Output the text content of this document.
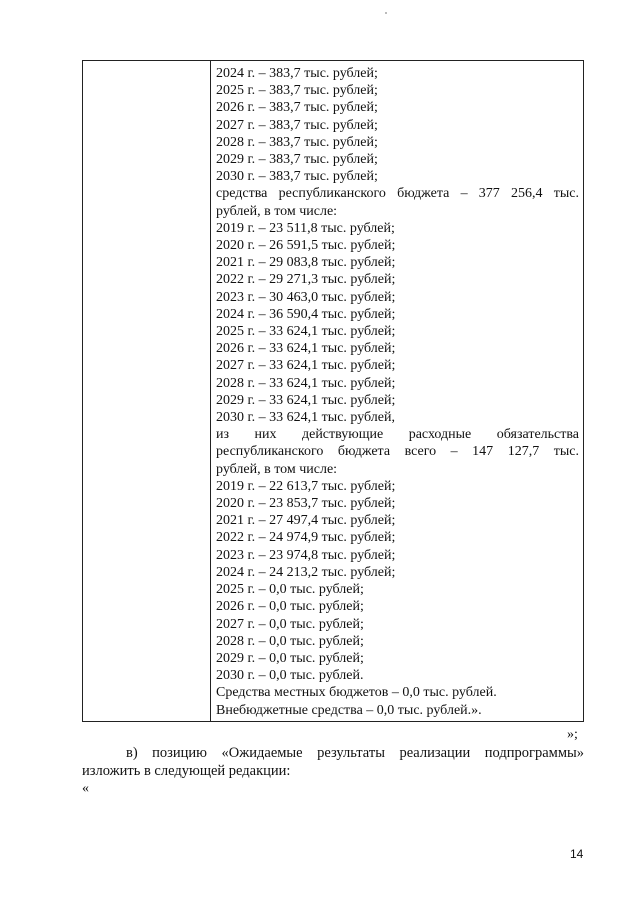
2024 г. – 383,7 тыс. рублей;
2025 г. – 383,7 тыс. рублей;
2026 г. – 383,7 тыс. рублей;
2027 г. – 383,7 тыс. рублей;
2028 г. – 383,7 тыс. рублей;
2029 г. – 383,7 тыс. рублей;
2030 г. – 383,7 тыс. рублей;
средства республиканского бюджета – 377 256,4 тыс.
рублей, в том числе:
2019 г. – 23 511,8 тыс. рублей;
2020 г. – 26 591,5 тыс. рублей;
2021 г. – 29 083,8 тыс. рублей;
2022 г. – 29 271,3 тыс. рублей;
2023 г. – 30 463,0 тыс. рублей;
2024 г. – 36 590,4 тыс. рублей;
2025 г. – 33 624,1 тыс. рублей;
2026 г. – 33 624,1 тыс. рублей;
2027 г. – 33 624,1 тыс. рублей;
2028 г. – 33 624,1 тыс. рублей;
2029 г. – 33 624,1 тыс. рублей;
2030 г. – 33 624,1 тыс. рублей,
из них действующие расходные обязательства
республиканского бюджета всего – 147 127,7 тыс.
рублей, в том числе:
2019 г. – 22 613,7 тыс. рублей;
2020 г. – 23 853,7 тыс. рублей;
2021 г. – 27 497,4 тыс. рублей;
2022 г. – 24 974,9 тыс. рублей;
2023 г. – 23 974,8 тыс. рублей;
2024 г. – 24 213,2 тыс. рублей;
2025 г. – 0,0 тыс. рублей;
2026 г. – 0,0 тыс. рублей;
2027 г. – 0,0 тыс. рублей;
2028 г. – 0,0 тыс. рублей;
2029 г. – 0,0 тыс. рублей;
2030 г. – 0,0 тыс. рублей.
Средства местных бюджетов – 0,0 тыс. рублей.
Внебюджетные средства – 0,0 тыс. рублей.».
»;
в) позицию «Ожидаемые результаты реализации подпрограммы»
изложить в следующей редакции:
«
14
